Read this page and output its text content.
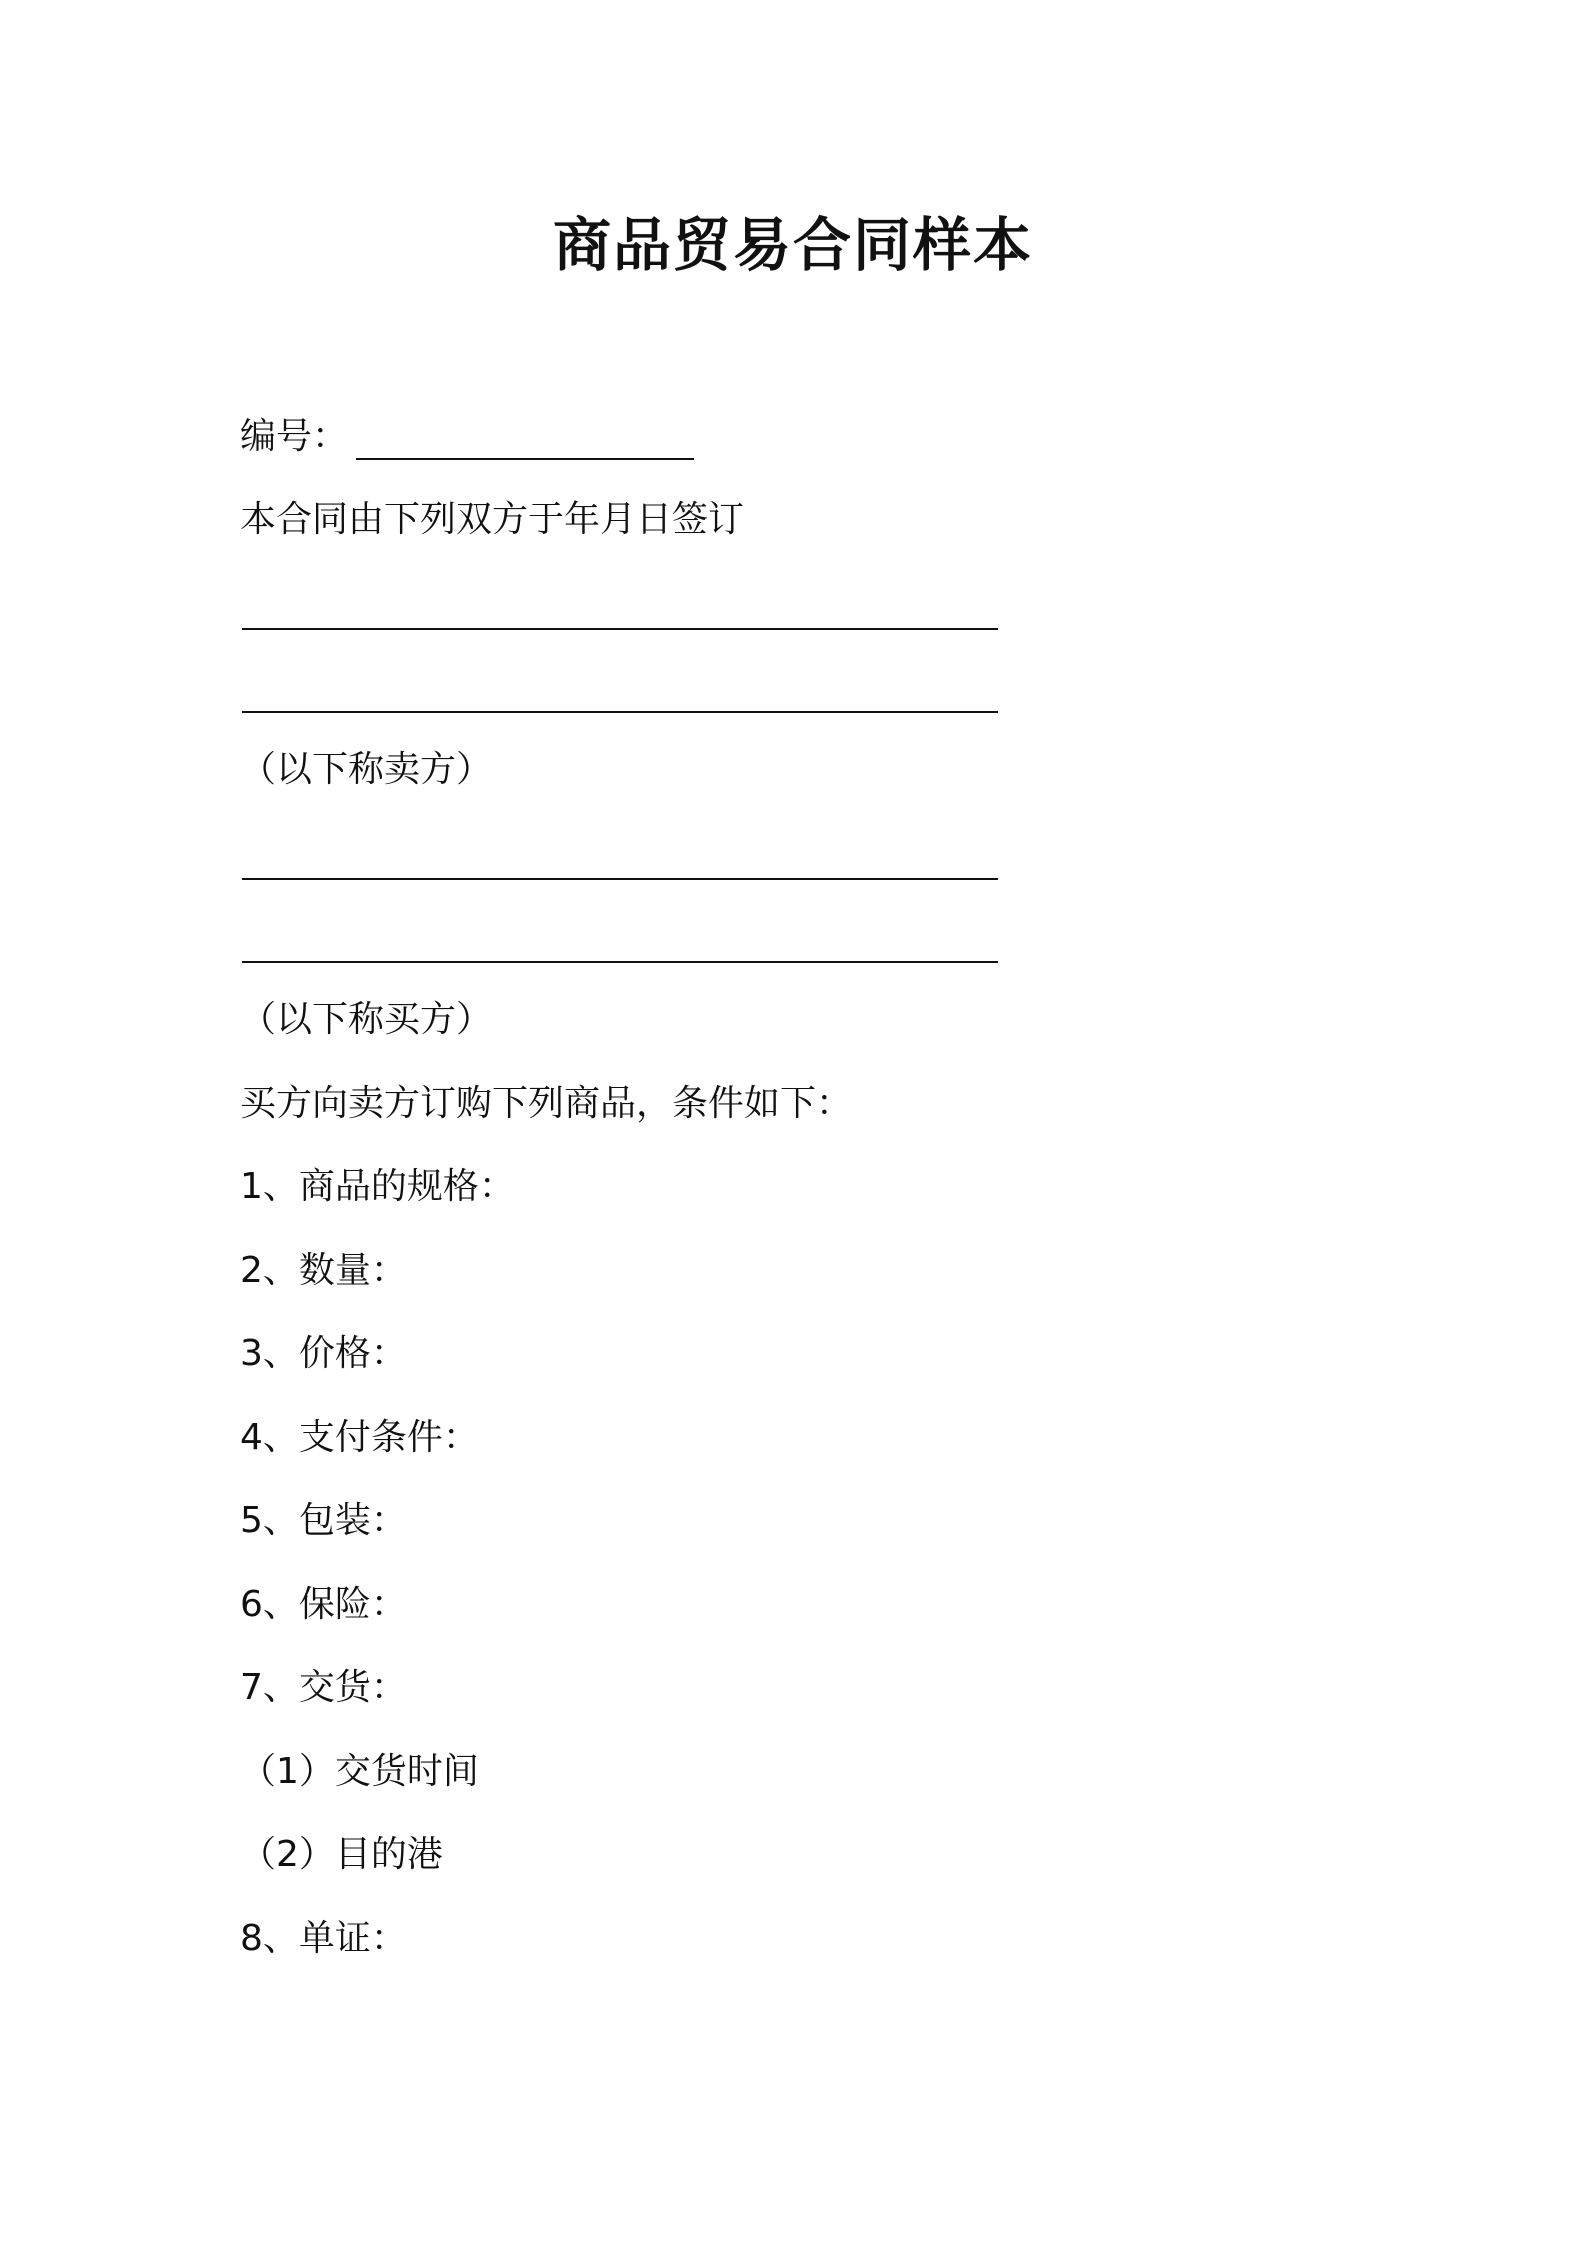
商品贸易合同样本
编号：
本合同由下列双方于年月日签订
（以下称卖方）
（以下称买方）
买方向卖方订购下列商品，条件如下：
1、商品的规格：
2、数量：
3、价格：
4、支付条件：
5、包装：
6、保险：
7、交货：
（1）交货时间
（2）目的港
8、单证：
